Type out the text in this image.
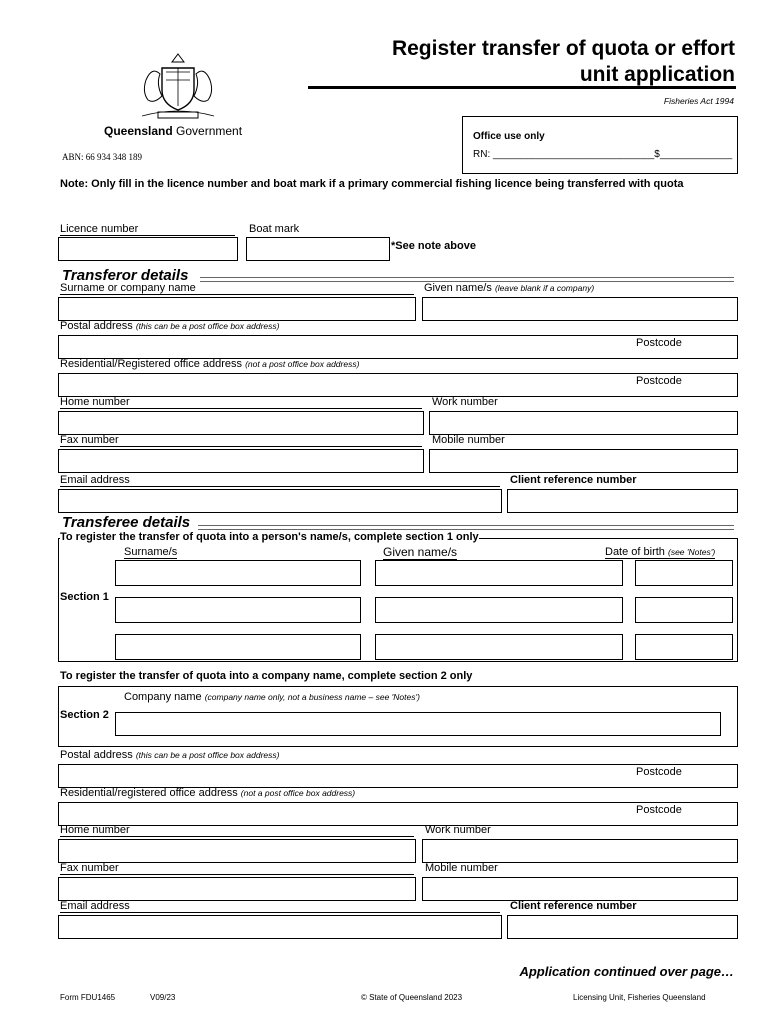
Queensland Government
ABN: 66 934 348 189
Register transfer of quota or effort
unit application
Fisheries Act 1994
Office use only
RN: _____________________________$_____________
Note: Only fill in the licence number and boat mark if a primary commercial fishing licence being transferred with quota
Licence number	Boat mark
*See note above
Transferor details
Surname or company name	Given name/s (leave blank if a company)
Postal address (this can be a post office box address)
Postcode
Residential/Registered office address (not a post office box address)
Postcode
Home number	Work number
Fax number	Mobile number
Email address	Client reference number
Transferee details
To register the transfer of quota into a person's name/s, complete section 1 only
Surname/s	Given name/s	Date of birth (see 'Notes')
Section 1
To register the transfer of quota into a company name, complete section 2 only
Company name (company name only, not a business name – see 'Notes')
Section 2
Postal address (this can be a post office box address)
Postcode
Residential/registered office address (not a post office box address)
Postcode
Home number	Work number
Fax number	Mobile number
Email address	Client reference number
Application continued over page…
Form FDU1465	V09/23	© State of Queensland 2023	Licensing Unit, Fisheries Queensland
